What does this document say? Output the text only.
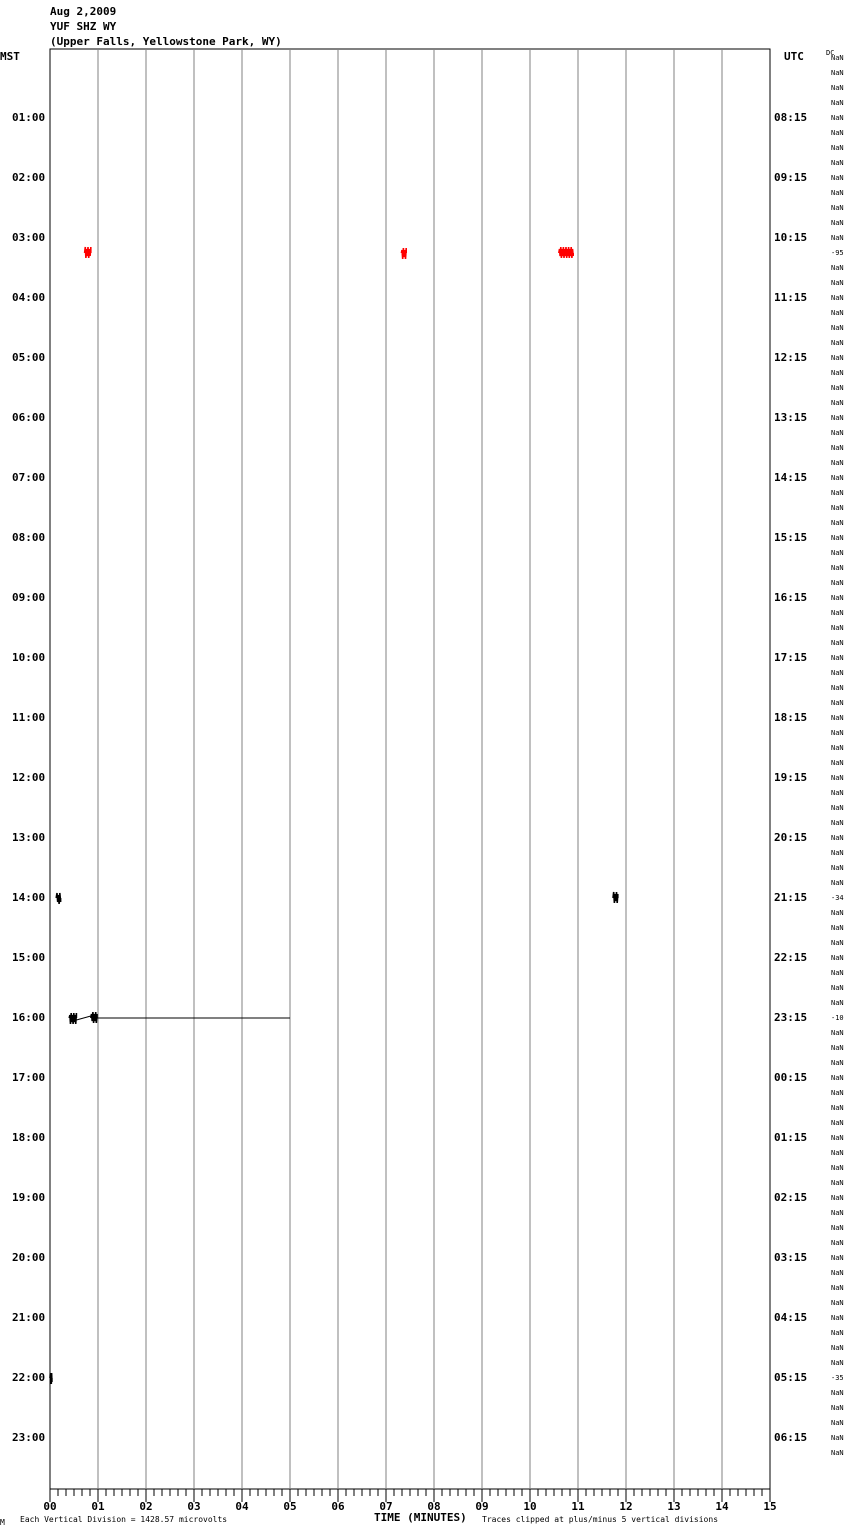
Aug 2,2009
YUF SHZ WY
(Upper Falls, Yellowstone Park, WY)
MST	UTC	DC
00	01	02	03	04	05	06	07	08	09	10	11	12	13	14	15
NaN
NaN
NaN
NaN
01:00	08:15	NaN
NaN
NaN
NaN
02:00	09:15	NaN
NaN
NaN
NaN
03:00	10:15	NaN
-95
NaN
NaN
04:00	11:15	NaN
NaN
NaN
NaN
05:00	12:15	NaN
NaN
NaN
NaN
06:00	13:15	NaN
NaN
NaN
NaN
07:00	14:15	NaN
NaN
NaN
NaN
08:00	15:15	NaN
NaN
NaN
NaN
09:00	16:15	NaN
NaN
NaN
NaN
10:00	17:15	NaN
NaN
NaN
NaN
11:00	18:15	NaN
NaN
NaN
NaN
12:00	19:15	NaN
NaN
NaN
NaN
13:00	20:15	NaN
NaN
NaN
NaN
14:00	21:15	-34
NaN
NaN
NaN
15:00	22:15	NaN
NaN
NaN
NaN
16:00	23:15	-10
NaN
NaN
NaN
17:00	00:15	NaN
NaN
NaN
NaN
18:00	01:15	NaN
NaN
NaN
NaN
19:00	02:15	NaN
NaN
NaN
NaN
20:00	03:15	NaN
NaN
NaN
NaN
21:00	04:15	NaN
NaN
NaN
NaN
22:00	05:15	-35
NaN
NaN
NaN
23:00	06:15	NaN
NaN
TIME (MINUTES)
M Each Vertical Division = 1428.57 microvolts	Traces clipped at plus/minus 5 vertical divisions
